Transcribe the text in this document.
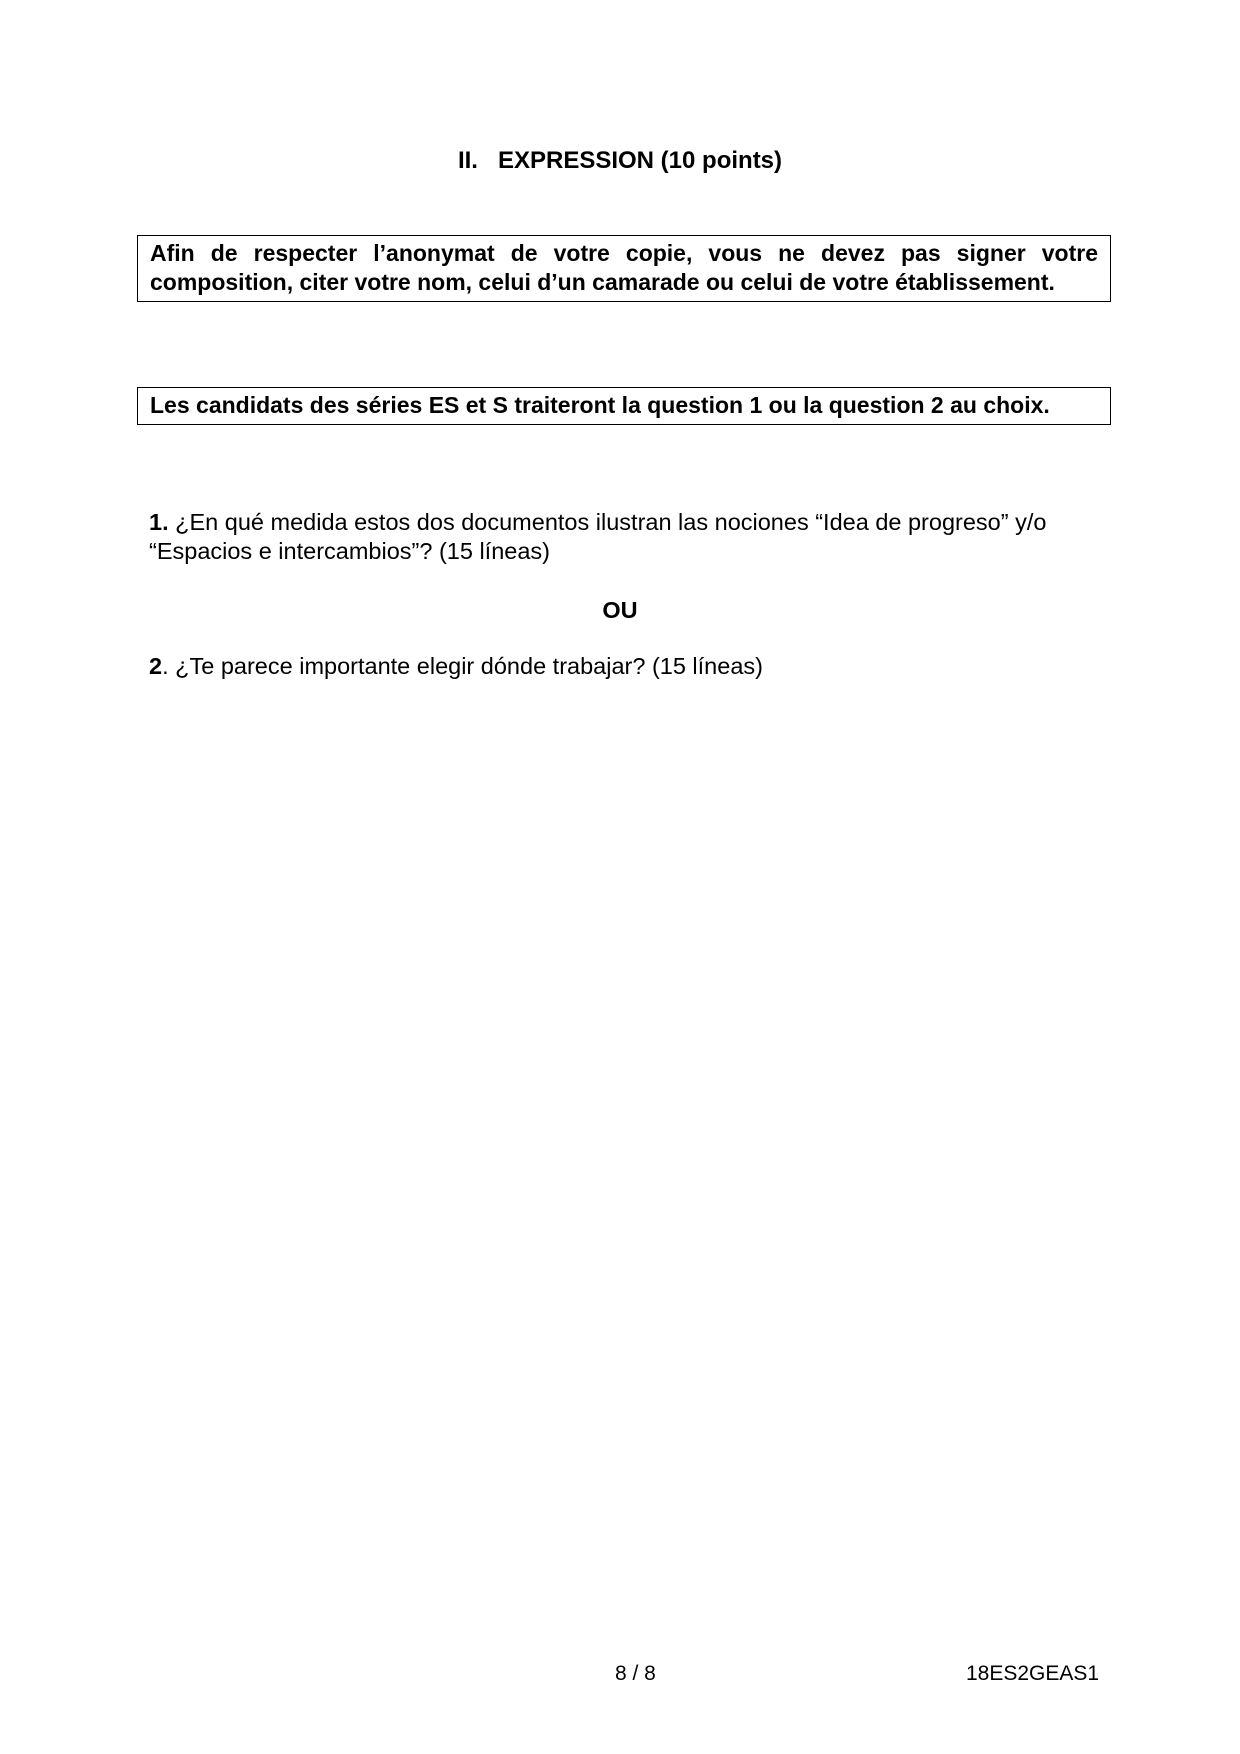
II. EXPRESSION (10 points)
Afin de respecter l’anonymat de votre copie, vous ne devez pas signer votre composition, citer votre nom, celui d’un camarade ou celui de votre établissement.
Les candidats des séries ES et S traiteront la question 1 ou la question 2 au choix.
1. ¿En qué medida estos dos documentos ilustran las nociones “Idea de progreso” y/o “Espacios e intercambios”? (15 líneas)
OU
2. ¿Te parece importante elegir dónde trabajar? (15 líneas)
8 / 8	18ES2GEAS1
